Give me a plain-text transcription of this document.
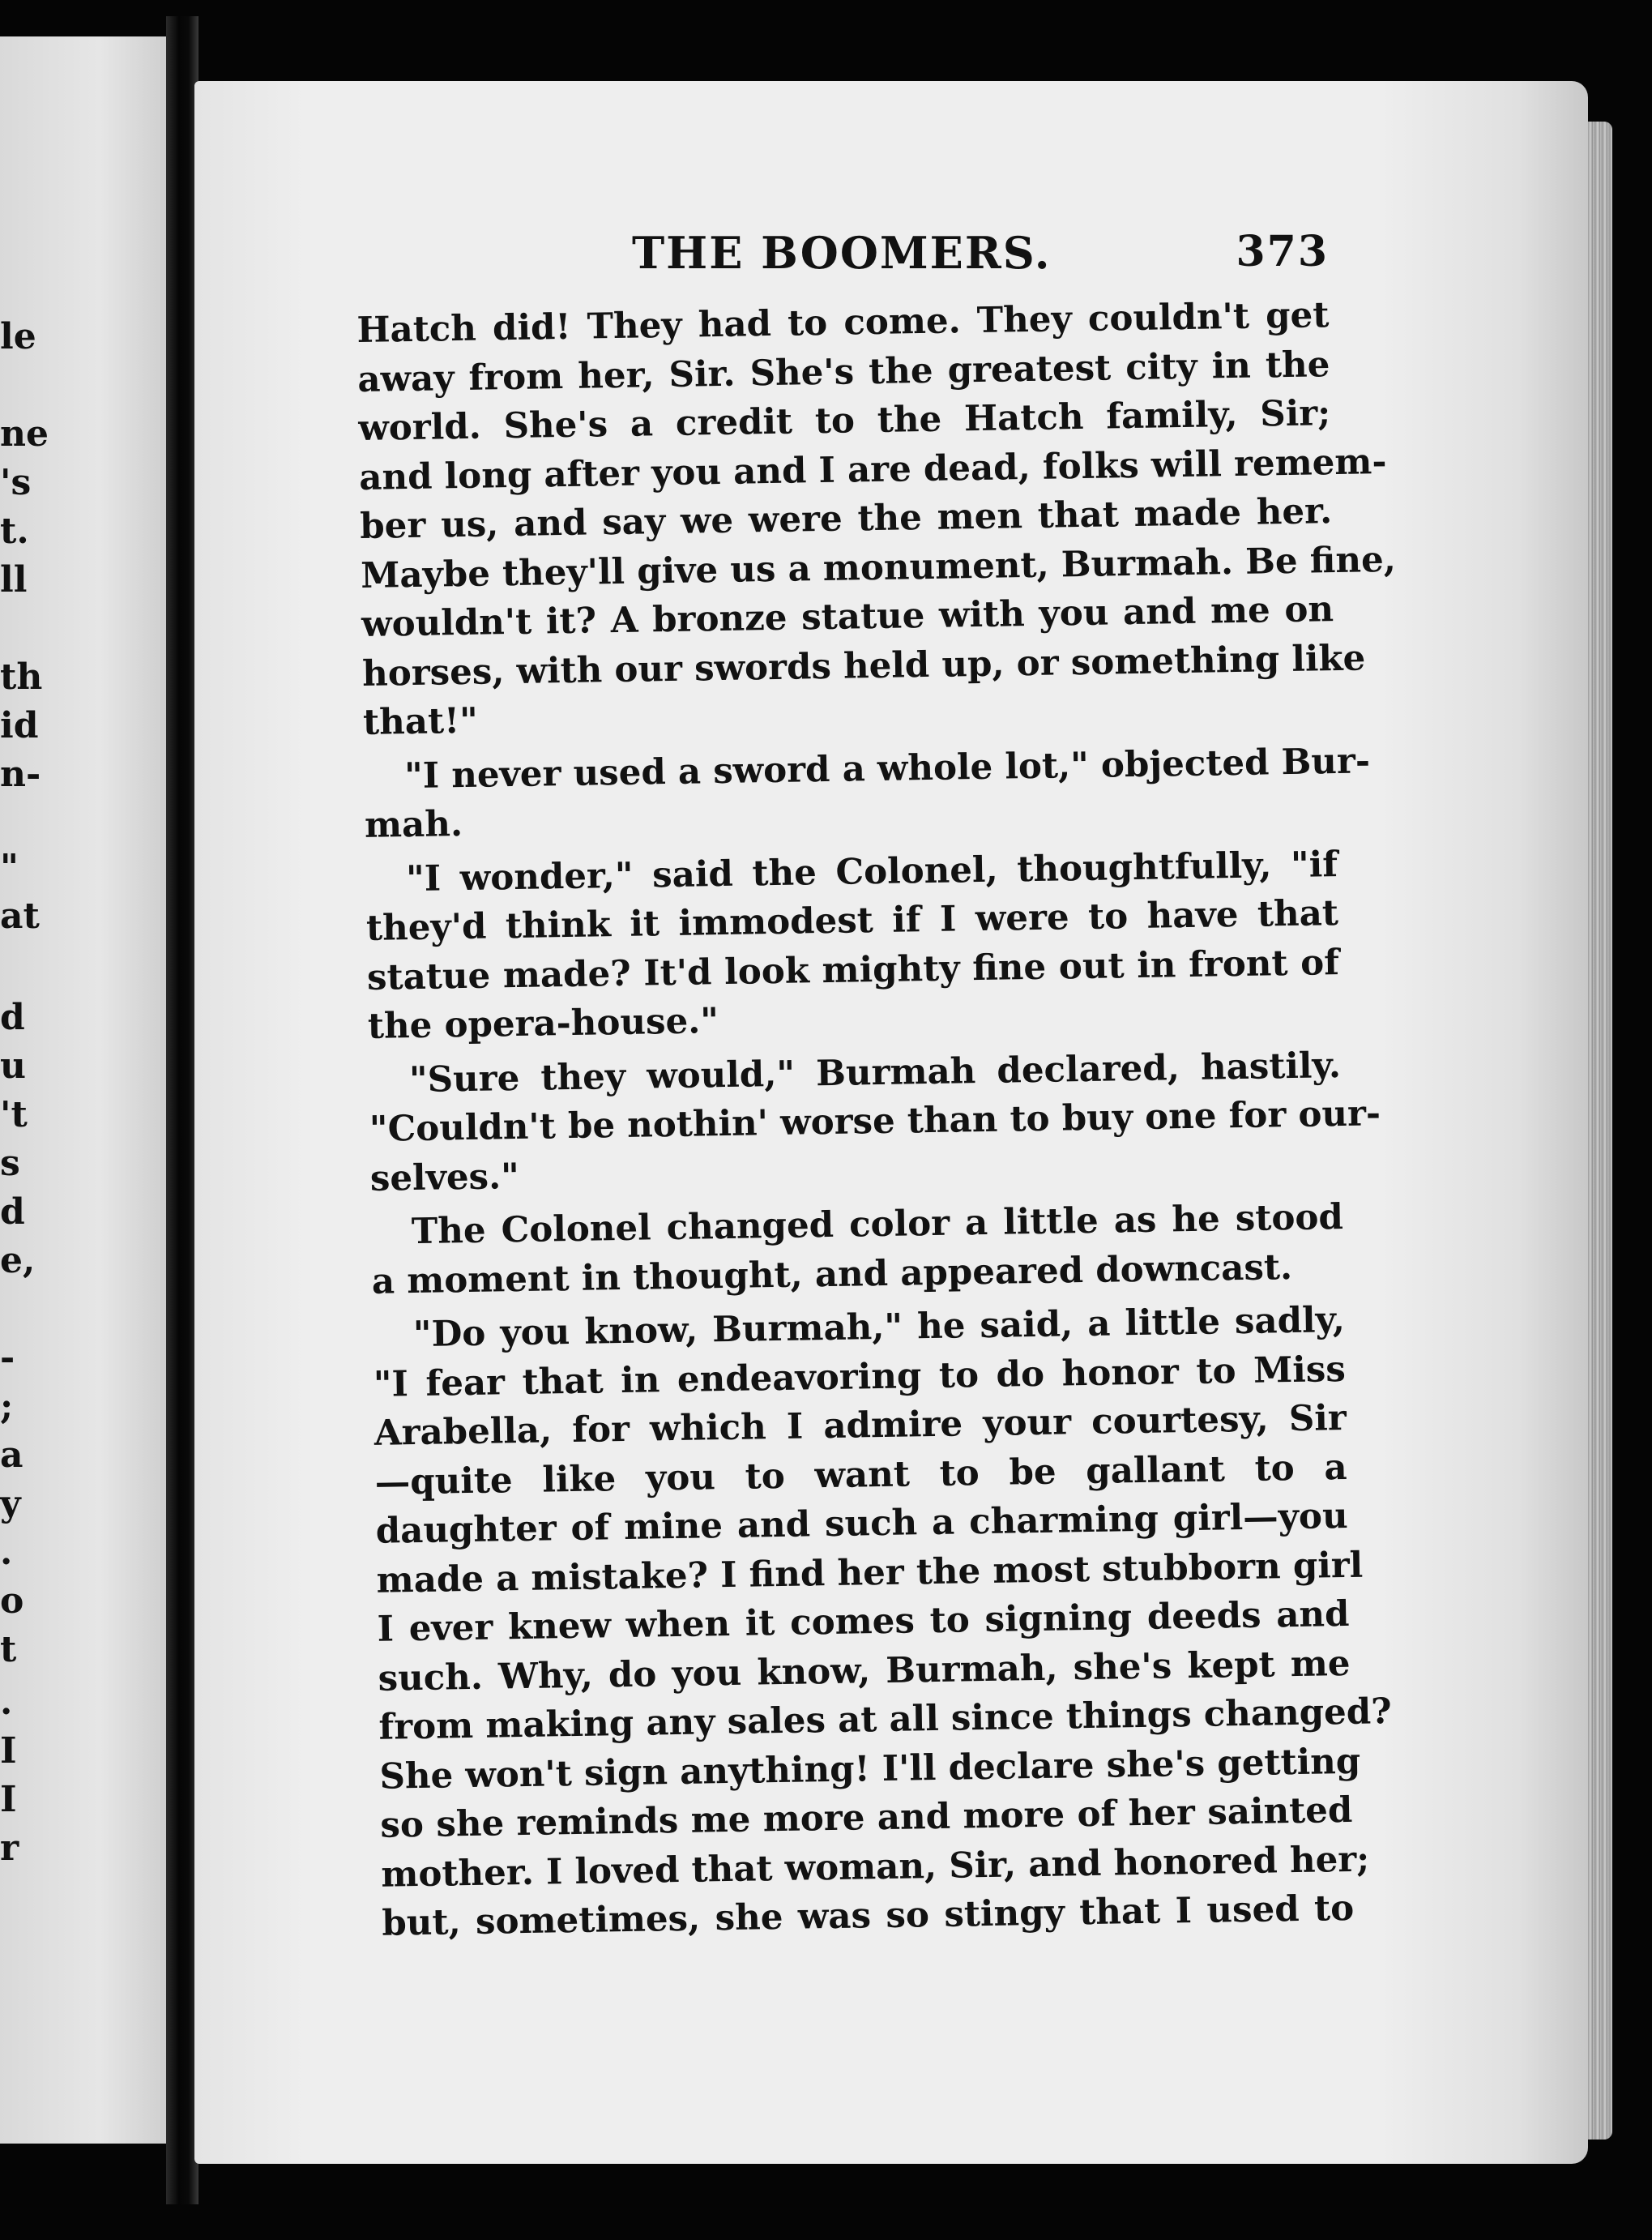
le
ne
's
t.
ll
th
id
n-
"
at
d
u
't
s
d
e,
-
;
a
y
.
o
t
.
I
I
r
THE BOOMERS.	373

Hatch did! They had to come. They couldn't get
away from her, Sir. She's the greatest city in the
world. She's a credit to the Hatch family, Sir;
and long after you and I are dead, folks will remem-
ber us, and say we were the men that made her.
Maybe they'll give us a monument, Burmah. Be fine,
wouldn't it? A bronze statue with you and me on
horses, with our swords held up, or something like
that!"

"I never used a sword a whole lot," objected Bur-
mah.

"I wonder," said the Colonel, thoughtfully, "if
they'd think it immodest if I were to have that
statue made? It'd look mighty fine out in front of
the opera-house."

"Sure they would," Burmah declared, hastily.
"Couldn't be nothin' worse than to buy one for our-
selves."

The Colonel changed color a little as he stood
a moment in thought, and appeared downcast.

"Do you know, Burmah," he said, a little sadly,
"I fear that in endeavoring to do honor to Miss
Arabella, for which I admire your courtesy, Sir
—quite like you to want to be gallant to a
daughter of mine and such a charming girl—you
made a mistake? I find her the most stubborn girl
I ever knew when it comes to signing deeds and
such. Why, do you know, Burmah, she's kept me
from making any sales at all since things changed?
She won't sign anything! I'll declare she's getting
so she reminds me more and more of her sainted
mother. I loved that woman, Sir, and honored her;
but, sometimes, she was so stingy that I used to
